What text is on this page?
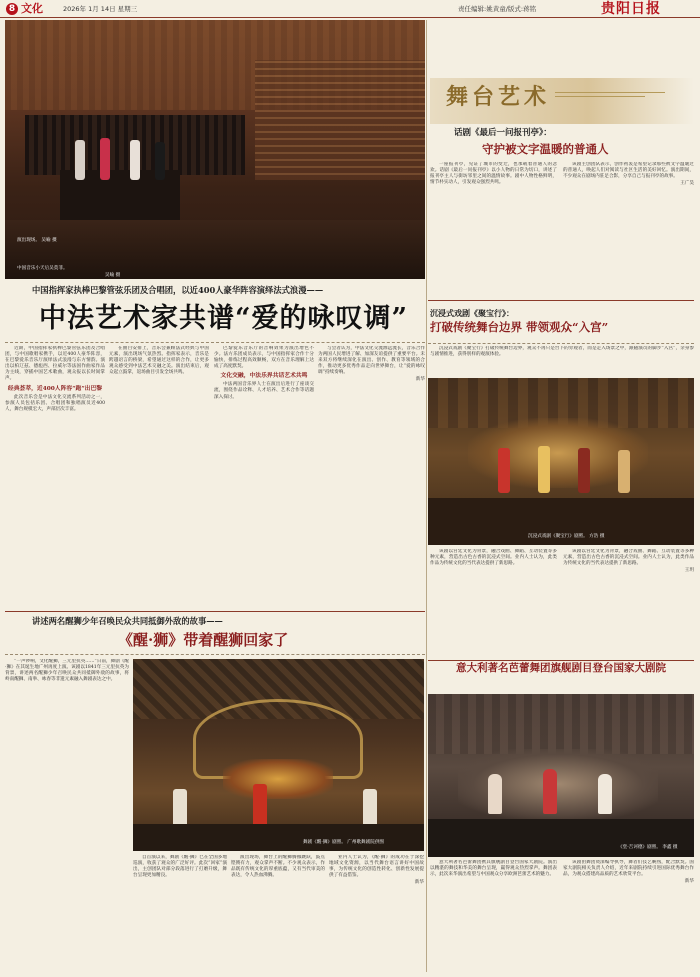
8 文化	2026年 1月 14日 星期三	责任编辑:姚黄童/版式:蒋铭	贵阳日报
演出现场。 吴喻 摄
中国音乐小天后吴莫菲。
吴喻 摄
舞台艺术
话剧《最后一问报刊亭》：
守护被文字温暖的普通人

一座报刊亭，见证了城市的变迁，也承载着普通人的悲欢。话剧《最后一问报刊亭》以小人物的日常为切口，讲述了报刊亭主人与街坊邻里之间的温情故事。剧中人物性格鲜明，情节朴实动人，引发观众强烈共鸣。

该剧主创团队表示，创作初衷是希望记录那些被文字温暖过的普通人，唤起人们对阅读与社区生活的美好回忆。演出期间，不少观众在剧场内驻足合影，分享自己与报刊亭的故事。

王广昊
沉浸式戏剧《聚宝行》：
打破传统舞台边界 带领观众“入宫”

沉浸式戏剧《聚宝行》打破传统舞台边界，观众不再只是台下的旁观者，而是走入场景之中，跟随演员的脚步“入宫”，亲身参与剧情推进，获得别样的观演体验。

沉浸式戏剧《聚宝行》剧照。 方浩 摄

该剧以宫廷文化为背景，融合戏曲、舞蹈、互动装置等多种元素，营造出古色古香的沉浸式空间。业内人士认为，此类作品为传统文化的当代表达提供了新思路。

该剧以宫廷文化为背景，融合戏曲、舞蹈、互动装置等多种元素，营造出古色古香的沉浸式空间。业内人士认为，此类作品为传统文化的当代表达提供了新思路。

王玥
意大利著名芭蕾舞团旗舰剧目登台国家大剧院
《堂·吉诃德》剧照。 李鑫 摄

意大利著名芭蕾舞团携其旗舰剧目登台国家大剧院。演出以精湛的舞技和华美的舞台呈现，赢得观众热烈掌声。舞团表示，此次来华演出希望与中国观众分享欧洲芭蕾艺术的魅力。

该剧由舞团资深编导执导，舞者们技艺娴熟，配合默契。国家大剧院相关负责人介绍，近年来剧院持续引进国际优秀舞台作品，为观众搭建高品质的艺术欣赏平台。

新华
中国指挥家执棒巴黎管弦乐团及合唱团，以近400人豪华阵容演绎法式浪漫——
中法艺术家共谱“爱的咏叹调”

近期，中国指挥家执棒巴黎管弦乐团及合唱团，与中国歌唱家携手，以近400人豪华阵容，在巴黎爱乐音乐厅演绎法式浪漫与东方情韵。演出以柏辽兹、德彪西、拉威尔等法国作曲家作品为主线，穿插中国艺术歌曲，观众报以长时间掌声。

经典荟萃，近400人阵容“跑”出巴黎

此次音乐会是中法文化交流系列活动之一，参演人员包括乐团、合唱团和独唱演员近400人，舞台规模宏大，声部层次丰富。

在曲目安排上，音乐会兼顾法式经典与中国元素，演出现场气氛热烈。指挥家表示，音乐是跨越语言的桥梁，希望通过这样的合作，让更多观众感受到中法艺术交融之美。演出结束后，观众起立鼓掌，返场曲目引发全场共鸣。

巴黎爱乐音乐厅的音响效果为演出增色不少。法方乐团成员表示，与中国指挥家合作十分愉快，排练过程高效顺畅，双方在音乐理解上达成了高度默契。

文化交融，中法乐界共话艺术共鸣

中法两国音乐界人士在演出后进行了座谈交流，围绕作品诠释、人才培养、艺术合作等话题深入探讨。

与会者认为，中法文化交流源远流长，音乐合作为两国人民增进了解、加深友谊提供了重要平台。未来双方将继续深化在演出、创作、教育等领域的合作，推动更多优秀作品走向世界舞台，让“爱的咏叹调”持续奏响。

新华
讲述两名醒狮少年召唤民众共同抵御外敌的故事——
《醒·狮》带着醒狮回家了

“一声锣响，文化醒狮，三元里抗英……”日前，舞剧《醒·狮》在其诞生地广州再度上演。该剧以1841年三元里抗英为背景，讲述两名醒狮少年召唤民众共同抵御外敌的故事，将岭南醒狮、南拳、咏春等非遗元素融入舞剧表达之中。

舞剧《醒·狮》剧照。 广州歌舞剧院供图

自首演以来，舞剧《醒·狮》已在全国多地巡演，收获了观众的广泛好评。此次“回家”演出，主创团队对部分段落进行了打磨升级，舞台呈现更加精良。

演出现场，舞台上的醒狮腾挪跳跃，鼓点铿锵有力，观众掌声不断。不少观众表示，作品既有传统文化的厚重底蕴，又有当代审美的表达，令人热血沸腾。

业内人士认为，《醒·狮》的成功在于深挖地域文化资源，以当代舞台语言讲好中国故事，为传统文化的创造性转化、创新性发展提供了有益借鉴。

新华
